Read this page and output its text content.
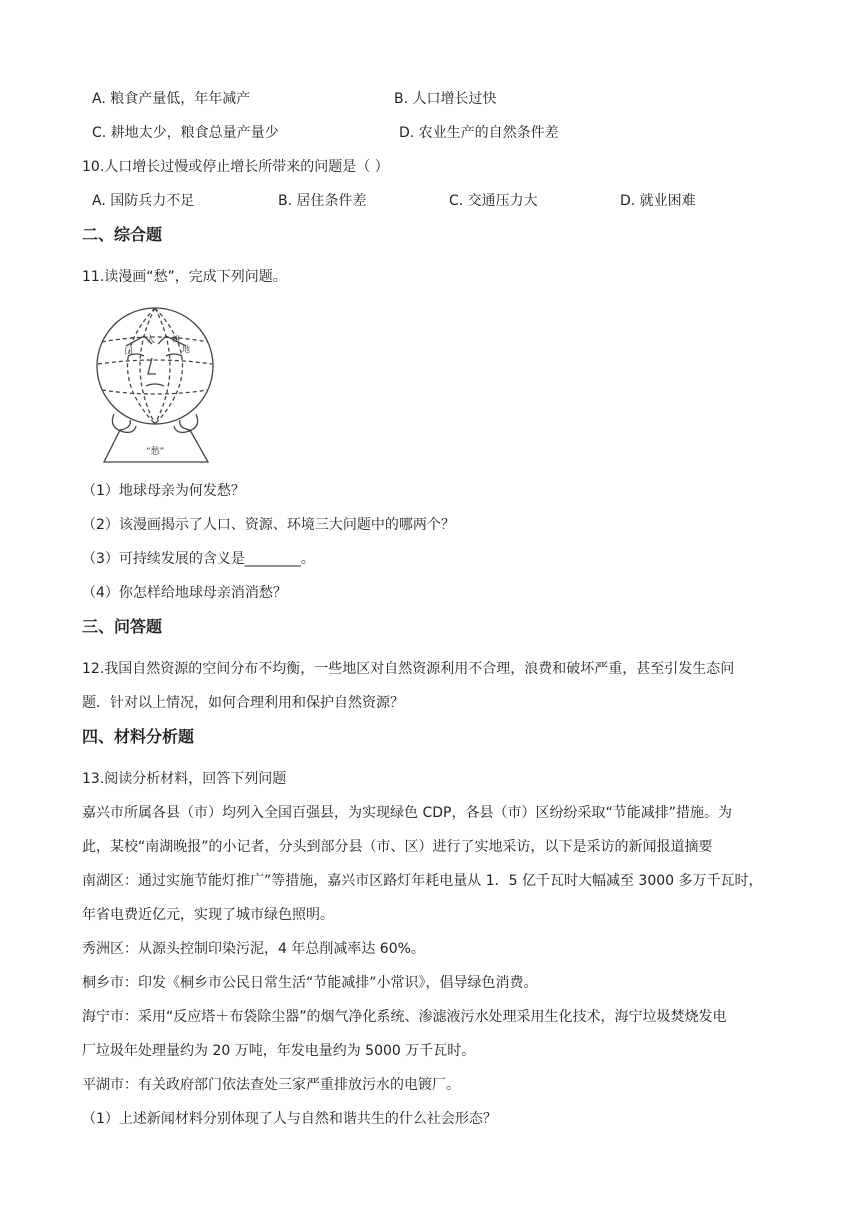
A. 粮食产量低，年年减产	B. 人口增长过快
C. 耕地太少，粮食总量产量少	D. 农业生产的自然条件差
10.人口增长过慢或停止增长所带来的问题是（ ）
A. 国防兵力不足	B. 居住条件差	C. 交通压力大	D. 就业困难
二、综合题
11.读漫画“愁”，完成下列问题。
口
人 耕
地
“愁”
（1）地球母亲为何发愁？
（2）该漫画揭示了人口、资源、环境三大问题中的哪两个？
（3）可持续发展的含义是________。
（4）你怎样给地球母亲消消愁？
三、问答题
12.我国自然资源的空间分布不均衡，一些地区对自然资源利用不合理，浪费和破坏严重，甚至引发生态问
题．针对以上情况，如何合理利用和保护自然资源？
四、材料分析题
13.阅读分析材料，回答下列问题
嘉兴市所属各县（市）均列入全国百强县，为实现绿色 CDP，各县（市）区纷纷采取“节能减排”措施。为
此，某校“南湖晚报”的小记者，分头到部分县（市、区）进行了实地采访，以下是采访的新闻报道摘要
南湖区：通过实施节能灯推广”等措施，嘉兴市区路灯年耗电量从 1．5 亿千瓦时大幅减至 3000 多万千瓦时，
年省电费近亿元，实现了城市绿色照明。
秀洲区：从源头控制印染污泥，4 年总削减率达 60%。
桐乡市：印发《桐乡市公民日常生活“节能减排”小常识》，倡导绿色消费。
海宁市：采用“反应塔＋布袋除尘器”的烟气净化系统、渗滤液污水处理采用生化技术，海宁垃圾焚烧发电
厂垃圾年处理量约为 20 万吨，年发电量约为 5000 万千瓦时。
平湖市：有关政府部门依法查处三家严重排放污水的电镀厂。
（1）上述新闻材料分别体现了人与自然和谐共生的什么社会形态？
